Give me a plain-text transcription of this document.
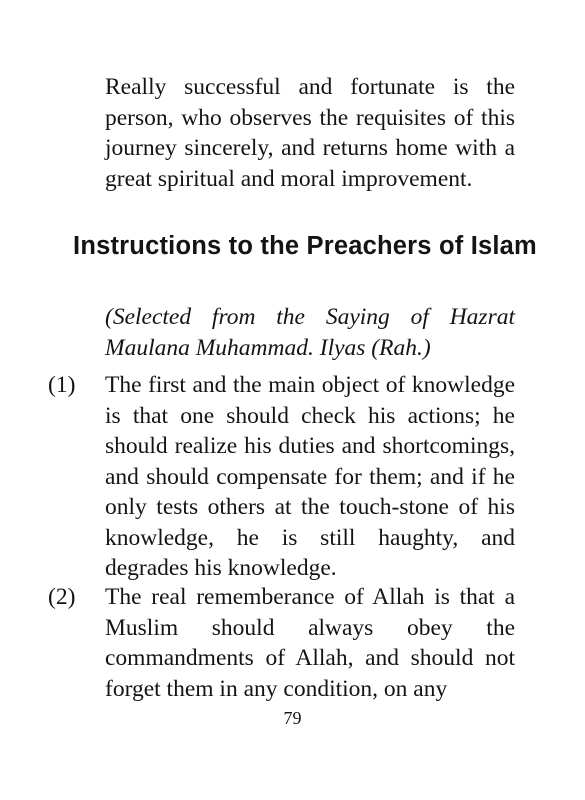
Really successful and fortunate is the person, who observes the requisites of this journey sincerely, and returns home with a great spiritual and moral improvement.

Instructions to the Preachers of Islam

(Selected from the Saying of Hazrat Maulana Muhammad. Ilyas (Rah.)

(1) The first and the main object of knowledge is that one should check his actions; he should realize his duties and shortcomings, and should compensate for them; and if he only tests others at the touch-stone of his knowledge, he is still haughty, and degrades his knowledge.

(2) The real rememberance of Allah is that a Muslim should always obey the commandments of Allah, and should not forget them in any condition, on any

79
